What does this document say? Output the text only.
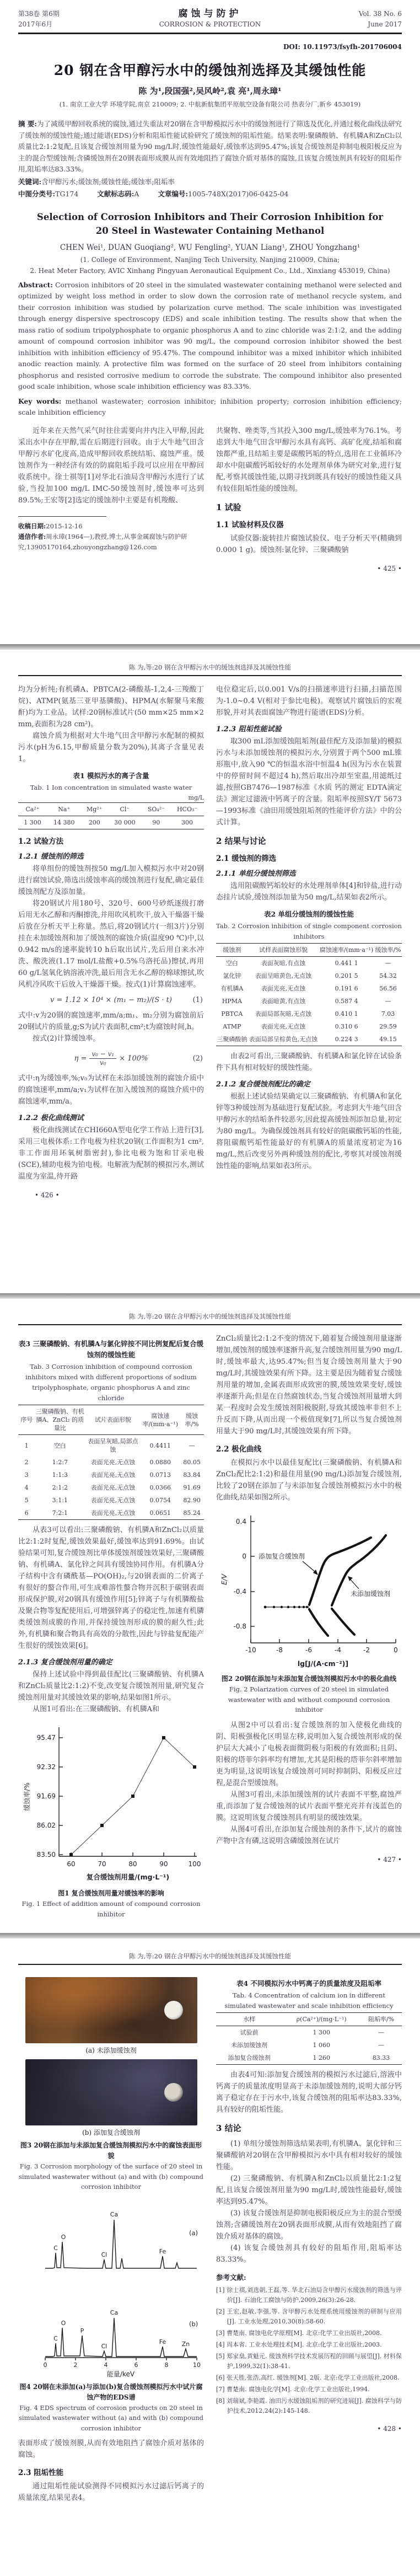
第38卷 第6期
2017年6月
腐蚀与防护
CORROSION & PROTECTION
Vol. 38 No. 6
June 2017
DOI: 10.11973/fsyfh-201706004
20 钢在含甲醇污水中的缓蚀剂选择及其缓蚀性能
陈 为¹,段国强²,吴风岭²,袁 亮¹,周永璋¹
(1. 南京工业大学 环境学院,南京 210009; 2. 中航新航集团平原航空设备有限公司 热表分厂,新乡 453019)

摘 要:为了减缓甲醇回收系统的腐蚀,通过失重法对20钢在含甲醇模拟污水中的缓蚀剂进行了筛选及优化,并通过极化曲线法研究了缓蚀剂的缓蚀性能;通过能谱(EDS)分析和阻垢性能试验研究了缓蚀剂的阻垢性能。结果表明:聚磷酸钠、有机膦A和ZnCl₂以质量比2:1:2复配,且该复合缓蚀剂用量为90 mg/L时,缓蚀性能最好,缓蚀率达到95.47%;该复合缓蚀剂是抑制电极阳极反应为主的混合型缓蚀剂;含磷缓蚀剂在20钢表面形成膜从而有效地阻挡了腐蚀介质对基体的腐蚀,且该复合缓蚀剂具有较好的阻垢作用,阻垢率达83.33%。

关键词:含甲醇污水;缓蚀剂;缓蚀性能;缓蚀率;阻垢率

中图分类号:TG174	文献标志码:A	文章编号:1005-748X(2017)06-0425-04

Selection of Corrosion Inhibitors and Their Corrosion Inhibition for 20 Steel in Wastewater Containing Methanol
CHEN Wei¹, DUAN Guoqiang², WU Fengling², YUAN Liang¹, ZHOU Yongzhang¹
(1. College of Environment, Nanjing Tech University, Nanjing 210009, China;
2. Heat Meter Factory, AVIC Xinhang Pingyuan Aeronautical Equipment Co., Ltd., Xinxiang 453019, China)

Abstract: Corrosion inhibitors of 20 steel in the simulated wastewater containing methanol were selected and optimized by weight loss method in order to slow down the corrosion rate of methanol recycle system, and their corrosion inhibition was studied by polarization curve method. The scale inhibition was investigated through energy dispersive spectroscopy (EDS) and scale inhibition testing. The results show that when the mass ratio of sodium tripolyphosphate to organic phosphorus A and to zinc chloride was 2:1:2, and the adding amount of compound corrosion inhibitor was 90 mg/L, the compound corrosion inhibitor showed the best inhibition with inhibition efficiency of 95.47%. The compound inhibitor was a mixed inhibitor which inhibited anodic reaction mainly. A protective film was formed on the surface of 20 steel from inhibitors containing phosphorus and resisted corrosive medium to corrode the substrate. The compound inhibitor also presented good scale inhibition, whose scale inhibition efficiency was 83.33%.

Key words: methanol wastewater; corrosion inhibitor; inhibition property; corrosion inhibition efficiency; scale inhibition efficiency

近年来在天然气采气时往往需要向井内注入甲醇,因此采出水中存在甲醇,需在后期进行回收。由于大牛地气田含甲醇污水矿化度高,造成甲醇回收系统结垢、腐蚀严重。缓蚀剂作为一种经济有效的防腐阻垢手段可以应用在甲醇回收系统中。徐士祺等[1]对华北石油局含甲醇污水进行了试验,当投加100 mg/L IMC-50缓蚀剂时,缓蚀率可达到89.5%;王宏等[2]选定的缓蚀剂中主要是有机羧酸、

收稿日期:2015-12-16

通信作者:周永璋(1964—),教授,博士,从事金属腐蚀与防护研究,13905170164,zhouyongzhang@126.com

共聚物、唑类等,当其投入300 mg/L,缓蚀率为76.1%。考虑到大牛地气田含甲醇污水具有高钙、高矿化度,结垢和腐蚀都严重,且结垢主要是碳酸钙垢的特点,选用在工业循环冷却水中阻碳酸钙垢较好的水处理剂单体为研究对象,进行复配,考察其缓蚀性能,以期寻找到既具有较好的缓蚀性能又具有较佳阻垢性能的缓蚀剂。

1 试验
1.1 试验材料及仪器

试验仪器:旋转挂片腐蚀试验仪、电子分析天平(精确到0.000 1 g)。缓蚀剂:氯化锌、三聚磷酸钠

• 425 •
陈 为,等:20 钢在含甲醇污水中的缓蚀剂选择及其缓蚀性能

均为分析纯;有机磷A、PBTCA(2-磷酸基-1,2,4-三羧酸丁烷)、ATMP(氨基三亚甲基膦酸)、HPMA(水解聚马来酸酐)均为工业品。试样:20钢标准试片(50 mm×25 mm×2 mm,表面积为28 cm²)。

腐蚀介质为根据对大牛地气田含甲醇污水配制的模拟污水(pH为6.15,甲醇质量分数为20%),其离子含量见表1。

表1 模拟污水的离子含量
Tab. 1 Ion concentration in simulated waste water
mg/L
Ca²⁺	Na⁺	Mg²⁺	Cl⁻	SO₄²⁻	HCO₃⁻
1 300	14 380	200	30 000	90	300
1.2 试验方法
1.2.1 缓蚀剂的筛选

将单组份的缓蚀剂按50 mg/L加入模拟污水中对20钢进行腐蚀试验,筛选出缓蚀率高的缓蚀剂进行复配,确定最佳缓蚀剂配方及添加量。

将20钢试片用180号、320号、600号砂纸逐级打磨后用无水乙醇和丙酮擦洗,并用吹风机吹干,放入干燥器干燥后放在分析天平上称量。然后,将20钢试片(一组3片)分别挂在未加缓蚀剂和加了缓蚀剂的腐蚀介质(温度90 ℃)中,以0.942 m/s的速率旋转10 h后取出试片,先后用自来水冲洗、酸洗液(1.17 mol/L盐酸+0.5%乌洛托品)擦拭,再用60 g/L氢氧化钠溶液冲洗,最后用含无水乙醇的棉球擦拭,吹风机冷风吹干后放入干燥器干燥。按式(1)计算腐蚀速率。

v = 1.12 × 10⁴ × (m₁ − m₂)/(S · t)	(1)

式中:v为20钢的腐蚀速率,mm/a;m₁、m₂分别为腐蚀前后20钢试片的质量,g;S为试片表面积,cm²;t为腐蚀时间,h。

按式(2)计算缓蚀率。

$\eta = \frac{\text{v₀ − v₁}}{\text{v₀}} \times 100\%$	(2)

式中:η为缓蚀率,%;v₀为试样在未添加缓蚀剂的腐蚀介质中的腐蚀速率,mm/a;v₁为试样在加入缓蚀剂的腐蚀介质中的腐蚀速率,mm/a。

1.2.2 极化曲线测试

极化曲线测试在CHI660A型电化学工作站上进行[3],采用三电极体系:工作电极为柱状20钢(工作面积为1 cm²,非工作面用环氧树脂密封),参比电极为饱和甘汞电极(SCE),辅助电极为铂电极。电解液为配制的模拟污水,测试温度为室温,待开路

• 426 •

电位稳定后,以0.001 V/s的扫描速率进行扫描,扫描范围为-1.0~0.4 V(相对于参比电极)。观察试片腐蚀后的宏观形貌,并对其表面腐蚀产物进行能谱(EDS)分析。

1.2.3 阻垢性能试验

取300 mL添加缓蚀阻垢剂(最佳配方及添加量)的模拟污水与未添加缓蚀剂的模拟污水,分别置于两个500 mL锥形瓶中,放入90 ℃的恒温水浴中恒温4 h(因为污水在装置中的停留时间不超过4 h),然后取出冷却至室温,用滤纸过滤,按照GB7476—1987标准《水质 钙的测定 EDTA滴定法》测定过滤液中钙离子的含量。阻垢率按照SY/T 5673—1993标准《油田用缓蚀阻垢剂的性能评价方法》中的公式计算。

2 结果与讨论
2.1 缓蚀剂的筛选
2.1.1 单组分缓蚀剂筛选

选用阻碳酸钙垢较好的水处理剂单体[4]和锌盐,进行动态挂片试验,缓蚀剂添加量为50 mg/L,结果如表2所示。

表2 单组分缓蚀剂的缓蚀性能
Tab. 2 Corrosion inhibition of single component corrosion inhibitors
缓蚀剂	试样表面腐蚀形貌	腐蚀速率/(mm·a⁻¹)	缓蚀率/%
空白	表面灰暗,有点蚀	0.441 1	—
氯化锌	表面呈暗黄色,无点蚀	0.201 5	54.32
有机膦A	表面光亮,无点蚀	0.191 6	56.56
HPMA	表面暗黄,有点蚀	0.587 4	—
PBTCA	表面局部灰暗,无点蚀	0.410 1	7.03
ATMP	表面光亮,无点蚀	0.310 6	29.59
三聚磷酸钠	表面局部呈棕黄色,无点蚀	0.224 3	49.15

由表2可看出,三聚磷酸钠、有机膦A和氯化锌在试验条件下具有相对较好的缓蚀性能。

2.1.2 复合缓蚀剂配比的确定

根据上述试验结果确定以三聚磷酸钠、有机膦A和氯化锌等3种缓蚀剂为基础进行复配试验。考虑到大牛地气田含甲醇污水的结垢条件较恶劣,因此提高缓蚀剂添加总量,初定为80 mg/L。为确保缓蚀剂具有较好的阻碳酸钙垢的性能,将阻碳酸钙垢性能最好的有机膦A的质量浓度初定为16 mg/L,然后改变另外两种缓蚀剂的配比,考察其对缓蚀剂缓蚀性能的影响,结果如表3所示。

陈 为,等:20 钢在含甲醇污水中的缓蚀剂选择及其缓蚀性能
表3 三聚磷酸钠、有机膦A与氯化锌按不同比例复配后复合缓蚀剂的缓蚀性能
Tab. 3 Corrosion inhibition of compound corrosion inhibitors mixed with different proportions of sodium tripolyphosphate, organic phosphorus A and zinc chloride
序号	三聚磷酸钠、有机膦A、ZnCl₂ 的质量比	试片表面形貌	腐蚀速率/(mm·a⁻¹)	缓蚀率/%
1	空白	表面呈灰暗,局部点蚀	0.4411	—
2	1:2:7	表面光亮,无点蚀	0.0880	80.05
3	1:1:3	表面光亮,无点蚀	0.0713	83.84
4	2:1:2	表面光亮,无点蚀	0.0366	91.69
5	3:1:1	表面光亮,无点蚀	0.0754	82.90
6	7:2:1	表面光亮,无点蚀	0.0651	85.24

从表3可以看出:三聚磷酸钠、有机膦A和ZnCl₂以质量比2:1:2时复配,缓蚀效果最好,缓蚀率达到91.69%。由试验结果可知,复合缓蚀剂比单体缓蚀剂缓蚀效果好,三聚磷酸钠、有机磷A、氯化锌之间具有缓蚀协同作用。有机膦A分子结构中含有磷酰基—PO(OH)₂,与20钢表面的二价离子有很好的螯合作用,可生成难溶性螯合物并沉积于碳钢表面形成保护膜,对20钢具有缓蚀作用[5];锌离子与有机膦酸盐及聚合物等复配使用后,可增强锌离子的稳定性,加速有机膦类缓蚀剂成膜的作用,并保持缓蚀剂形成的膜的耐久性;此外,有机膦和聚合物具有高效的分散性,因此与锌盐复配能产生很好的缓蚀效果[6]。

2.1.3 复合缓蚀剂用量的确定

保持上述试验中得到最佳配比(三聚磷酸钠、有机膦A和ZnCl₂质量比2:1:2)不变,改变复合缓蚀剂用量,研究复合缓蚀剂用量对其缓蚀效果的影响,结果如图1所示。

从图1可看出:在三聚磷酸钠、有机膦A和

95.47
92.32
91.69
86.02
83.50
60	70	80	90	100
缓蚀率/%
复合缓蚀剂用量/(mg·L⁻¹)
图1 复合缓蚀剂用量对缓蚀率的影响
Fig. 1 Effect of addition amount of compound corrosion inhibitor

ZnCl₂质量比2:1:2不变的情况下,随着复合缓蚀剂用量逐渐增加,缓蚀剂的缓蚀率逐渐升高,复合缓蚀剂用量为90 mg/L时,缓蚀率最大,达95.47%;但当复合缓蚀剂用量大于90 mg/L时,其缓蚀效果有所下降。这主要是因为随着复合缓蚀剂用量的增加,金属表面形成致密的膜,缓蚀效果变好,缓蚀率逐渐升高;但是在自然腐蚀状态,当复合缓蚀剂用量增大到某一程度时会发生缓蚀剂阳极脱附,导致其缓蚀率非但不上升反而下降,从而出现一个极值现象[7],所以当复合缓蚀剂用量大于90 mg/L时,其缓蚀效果有所下降。

2.2 极化曲线

在模拟污水中以最佳复配比(三聚磷酸钠、有机膦A和ZnCl₂配比2:1:2)和最佳用量(90 mg/L)添加复合缓蚀剂,比较了20钢在添加了与未添加复合缓蚀剂模拟污水中的极化曲线,结果如图2所示。

0.4
0
-0.4
-0.8
-10	-8	-6	-4	-2	0
E/V
lg[J/(A·cm⁻²)]
添加复合缓蚀剂
未添加缓蚀剂
图2 20钢在添加与未添加复合缓蚀剂模拟污水中的极化曲线
Fig. 2 Polarization curves of 20 steel in simulated wastewater with and without compound corrosion inhibitor

从图2中可以看出:复合缓蚀剂的加入使极化曲线的阴、阳极强极化区明显左移,说明加入复合缓蚀剂形成的保护层大大减小了电极表面微阴极与阳极的有效面积;且阴、阳极的塔菲尔斜率均有增加,尤其是阳极的塔菲尔斜率增加更为明显,这说明该复合缓蚀剂可同时抑制阴、阳极反应过程,是混合型缓蚀剂。

从图3可看出,未添加缓蚀剂的试片表面不平整,腐蚀严重,而添加了复合缓蚀剂的试片表面平整光亮并有浅蓝色的膜。这说明该复合缓蚀剂具有明显的缓蚀效果。

从图4可看出,在添加复合缓蚀剂的条件下,试片的腐蚀产物中含有磷,这说明含磷缓蚀剂在试片

• 427 •
陈 为,等:20 钢在含甲醇污水中的缓蚀剂选择及其缓蚀性能
(a) 未添加缓蚀剂
(b) 添加复合缓蚀剂
图3 20钢在添加与未添加复合缓蚀剂模拟污水中的腐蚀表面形貌
Fig. 3 Corrosion morphology of the surface of 20 steel in simulated wastewater without (a) and with (b) compound corrosion inhibitor
C
O
Cl
Ca
Fe
(a)
C
O
P
Cl
Ca
Fe	Zn
(b)
0	2	4	6	8	10
能量/keV
图4 20钢在未添加(a)与添加(b)复合缓蚀剂模拟污水中试片腐蚀产物的EDS谱
Fig. 4 EDS spectrum of corrosion products on 20 steel in simulated wastewater without (a) and with (b) compound corrosion inhibitor

表面形成了缓蚀剂膜,从而有效地阻挡了腐蚀介质对基体的腐蚀。

2.3 阻垢性能

通过阻垢性能试验测得不同模拟污水过滤后钙离子的质量浓度,结果见表4。

表4 不同模拟污水中钙离子的质量浓度及阻垢率
Tab. 4 Concentration of calcium ion in different simulated wastewater and scale inhibition efficiency
水样	ρ(Ca²⁺)/(mg·L⁻¹)	阻垢率/%
试验前	1 300	—
未添加缓蚀剂	1 060	—
添加复合缓蚀剂	1 260	83.33

由表4可知:添加复合缓蚀剂的模拟污水过滤后,溶液中钙离子的质量浓度明显高于未添加缓蚀剂的,说明大部分钙离子稳定存在于污水中,该复合缓蚀剂的阻垢率达83.33%,具有较好的阻垢性能。

3 结论

(1) 单组分缓蚀剂筛选结果表明,有机膦A、氯化锌和三聚磷酸钠对20钢在含甲醇模拟污水中具有相对较好的缓蚀性能。

(2) 三聚磷酸钠、有机膦A和ZnCl₂以质量比2:1:2复配,且该复合缓蚀剂用量为90 mg/L时,缓蚀性能最好,缓蚀率达到95.47%。

(3) 该复合缓蚀剂是抑制电极阳极反应为主的混合型缓蚀剂;含磷缓蚀剂在20钢表面形成膜,从而有效地阻挡了腐蚀介质对基体的腐蚀。

(4) 该复合缓蚀剂具有较好的阻垢作用,阻垢率达83.33%。

参考文献:

[1] 徐士祺,刘选朝,王磊,等. 华北石油局含甲醇污水缓蚀剂的筛选与评价[J]. 石油化工腐蚀与防护,2009,26(3):26-28.

[2] 王宏,赵敏,李强,等. 含甲醇污水处理系统用缓蚀剂的研制与应用[J]. 工业水处理,2010,30(8):58-60.

[3] 曹楚南. 腐蚀电化学原理[M]. 北京:化学工业出版社,2008.

[4] 周本省. 工业水处理技术[M]. 北京:化学工业出版社,2003.

[5] 郑家燊,黄魁元. 缓蚀剂科学技术发展历程的回顾与展望[J]. 材料保护,1999,32(1):38-41.

[6] 张天胜,张浩,高红. 缓蚀剂[M]. 2版. 北京:化学工业出版社,2008.

[7] 曹楚南. 腐蚀电化学[M]. 北京:化学工业出版社,1994.

[8] 刘瑞斌,李艳霞. 油田污水缓蚀阻垢剂的研究进展[J]. 腐蚀科学与防护技术,2012,24(2):145-148.

• 428 •
